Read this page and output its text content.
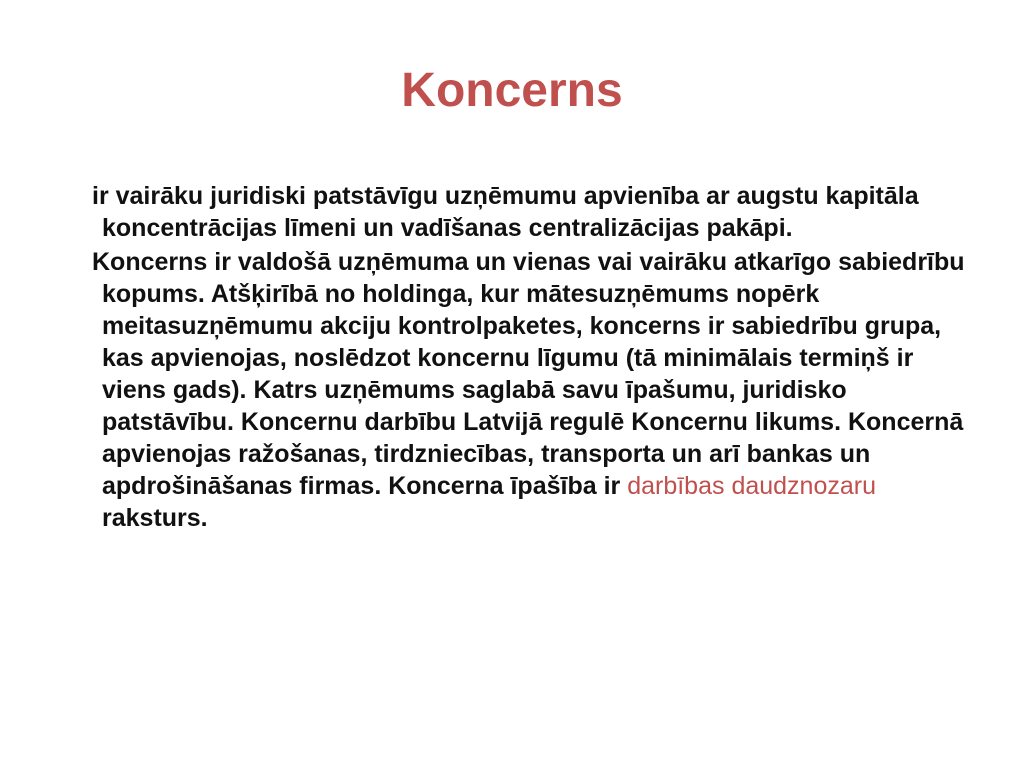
Koncerns

ir vairāku juridiski patstāvīgu uzņēmumu apvienība ar augstu kapitāla koncentrācijas līmeni un vadīšanas centralizācijas pakāpi.

Koncerns ir valdošā uzņēmuma un vienas vai vairāku atkarīgo sabiedrību kopums. Atšķirībā no holdinga, kur mātesuzņēmums nopērk meitasuzņēmumu akciju kontrolpaketes, koncerns ir sabiedrību grupa, kas apvienojas, noslēdzot koncernu līgumu (tā minimālais termiņš ir viens gads). Katrs uzņēmums saglabā savu īpašumu, juridisko patstāvību. Koncernu darbību Latvijā regulē Koncernu likums. Koncernā apvienojas ražošanas, tirdzniecības, transporta un arī bankas un apdrošināšanas firmas. Koncerna īpašība ir darbības daudznozaru raksturs.
